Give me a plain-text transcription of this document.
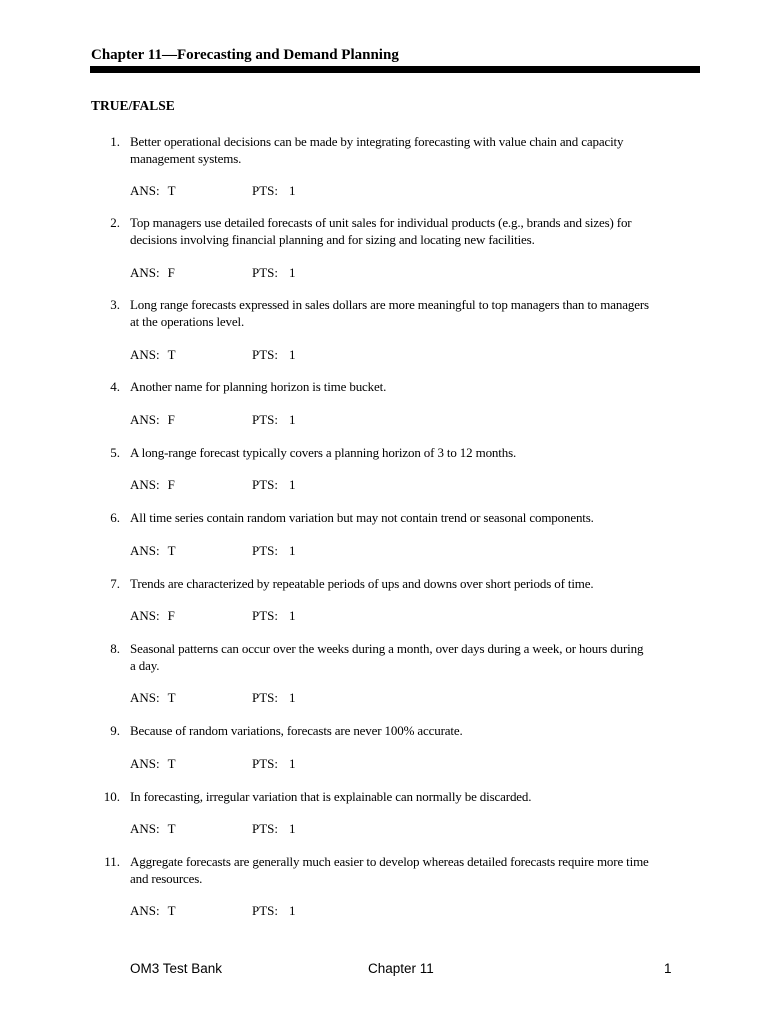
Chapter 11—Forecasting and Demand Planning
TRUE/FALSE
1. Better operational decisions can be made by integrating forecasting with value chain and capacity
management systems.
ANS: T	PTS: 1
2. Top managers use detailed forecasts of unit sales for individual products (e.g., brands and sizes) for
decisions involving financial planning and for sizing and locating new facilities.
ANS: F	PTS: 1
3. Long range forecasts expressed in sales dollars are more meaningful to top managers than to managers
at the operations level.
ANS: T	PTS: 1
4. Another name for planning horizon is time bucket.
ANS: F	PTS: 1
5. A long-range forecast typically covers a planning horizon of 3 to 12 months.
ANS: F	PTS: 1
6. All time series contain random variation but may not contain trend or seasonal components.
ANS: T	PTS: 1
7. Trends are characterized by repeatable periods of ups and downs over short periods of time.
ANS: F	PTS: 1
8. Seasonal patterns can occur over the weeks during a month, over days during a week, or hours during
a day.
ANS: T	PTS: 1
9. Because of random variations, forecasts are never 100% accurate.
ANS: T	PTS: 1
10. In forecasting, irregular variation that is explainable can normally be discarded.
ANS: T	PTS: 1
11. Aggregate forecasts are generally much easier to develop whereas detailed forecasts require more time
and resources.
ANS: T	PTS: 1
OM3 Test Bank	Chapter 11	1
